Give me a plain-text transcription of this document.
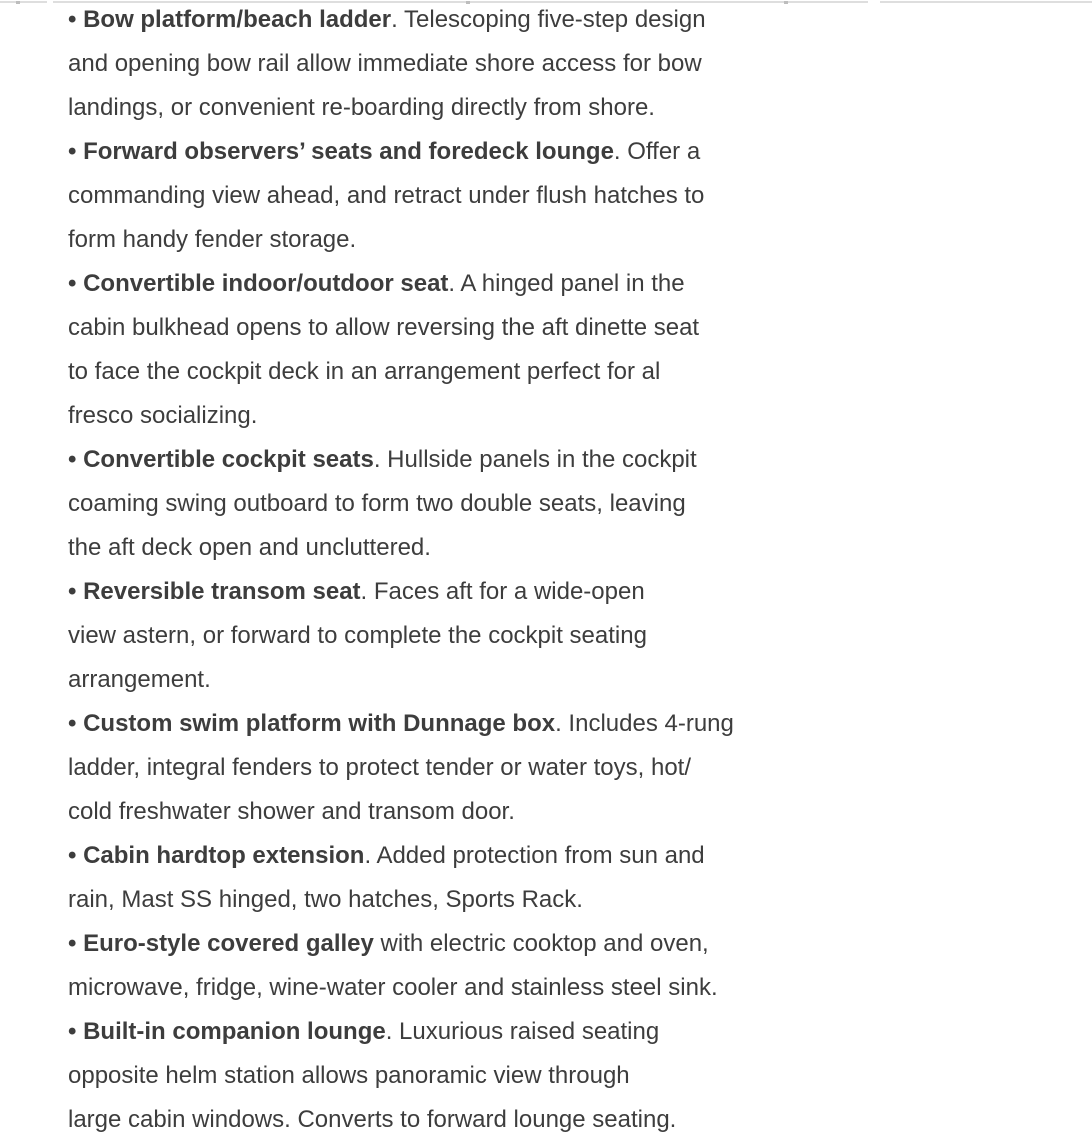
• Bow platform/beach ladder. Telescoping five-step design
and opening bow rail allow immediate shore access for bow
landings, or convenient re-boarding directly from shore.
• Forward observers’ seats and foredeck lounge. Offer a
commanding view ahead, and retract under flush hatches to
form handy fender storage.
• Convertible indoor/outdoor seat. A hinged panel in the
cabin bulkhead opens to allow reversing the aft dinette seat
to face the cockpit deck in an arrangement perfect for al
fresco socializing.
• Convertible cockpit seats. Hullside panels in the cockpit
coaming swing outboard to form two double seats, leaving
the aft deck open and uncluttered.
• Reversible transom seat. Faces aft for a wide-open
view astern, or forward to complete the cockpit seating
arrangement.
• Custom swim platform with Dunnage box. Includes 4-rung
ladder, integral fenders to protect tender or water toys, hot/
cold freshwater shower and transom door.
• Cabin hardtop extension. Added protection from sun and
rain, Mast SS hinged, two hatches, Sports Rack.
• Euro-style covered galley with electric cooktop and oven,
microwave, fridge, wine-water cooler and stainless steel sink.
• Built-in companion lounge. Luxurious raised seating
opposite helm station allows panoramic view through
large cabin windows. Converts to forward lounge seating.
